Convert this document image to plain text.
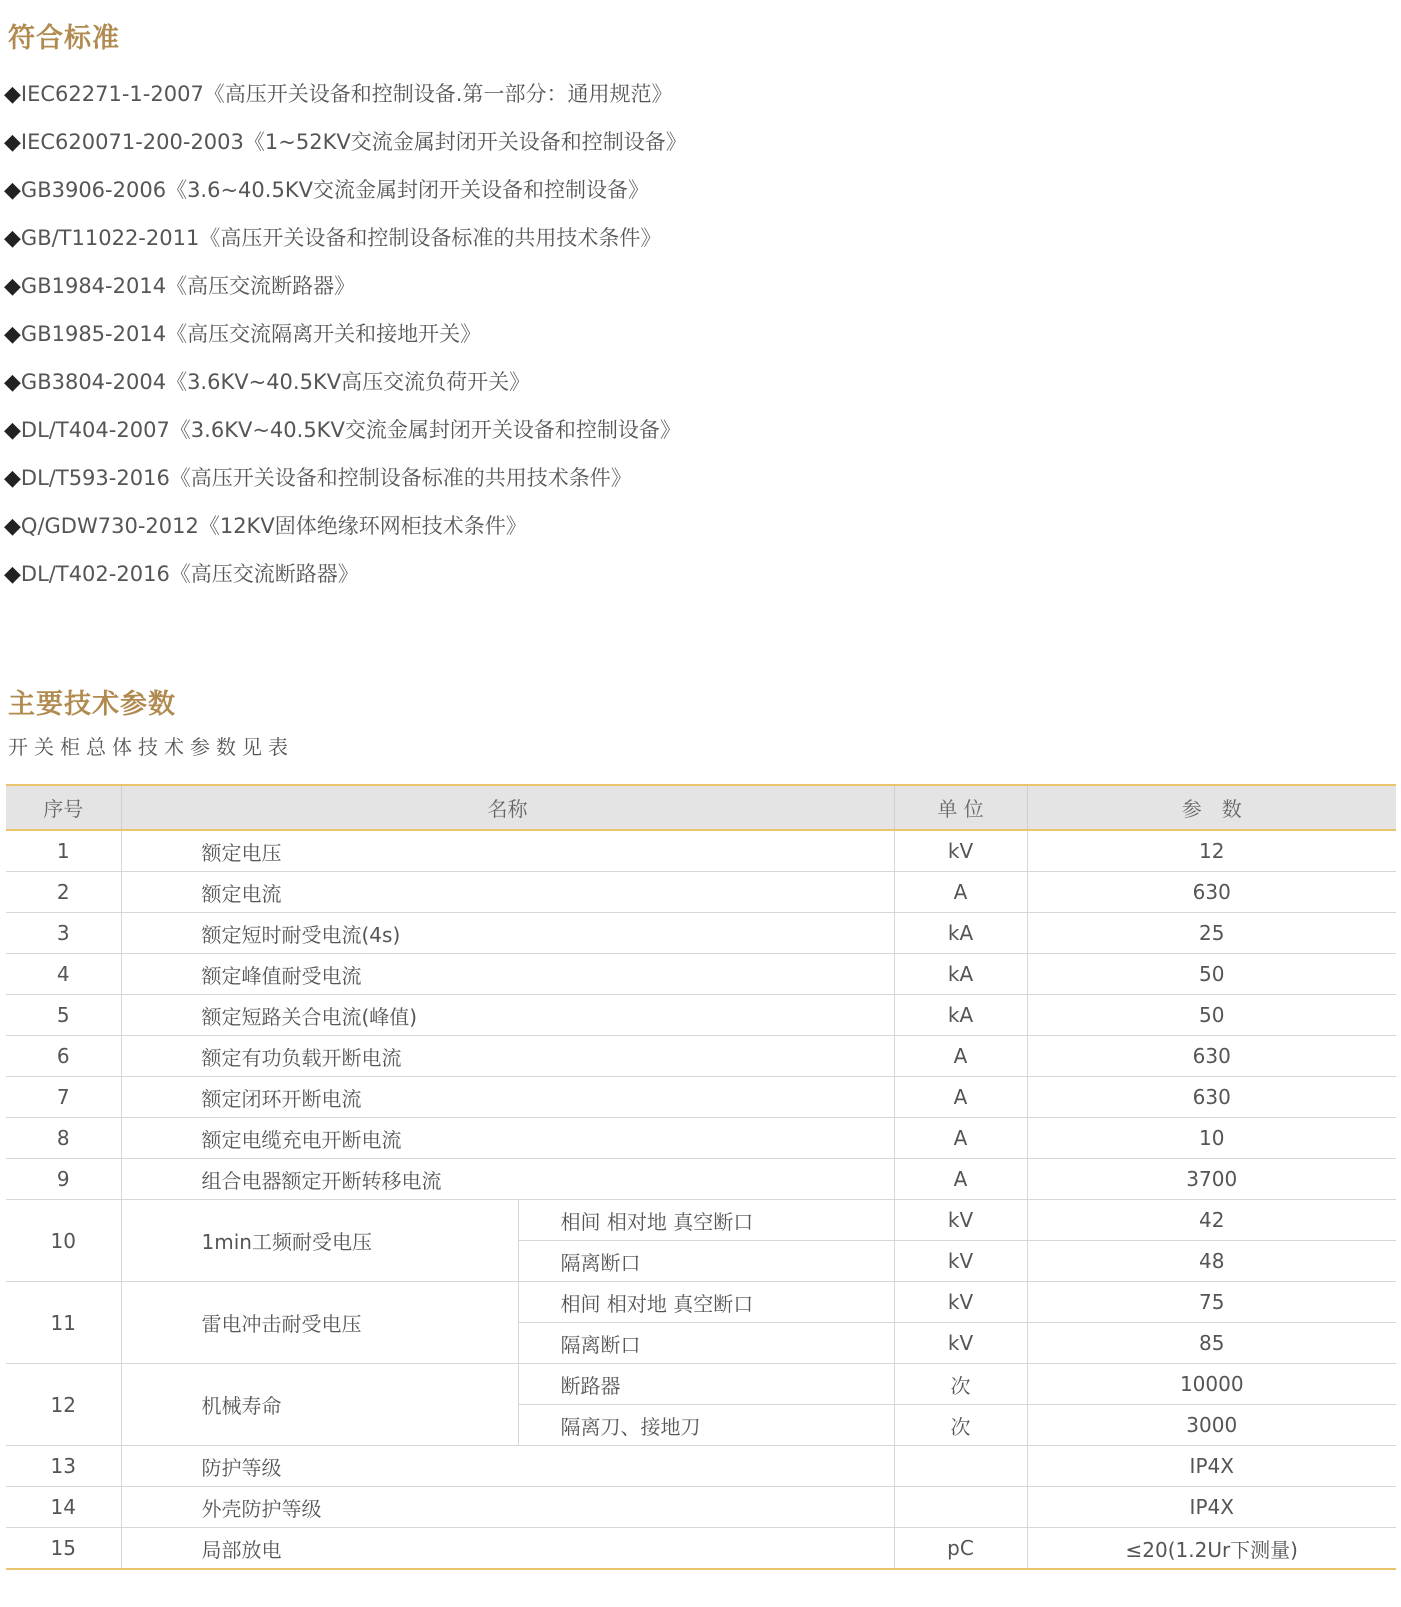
符合标准
◆IEC62271-1-2007《高压开关设备和控制设备.第一部分：通用规范》
◆IEC620071-200-2003《1~52KV交流金属封闭开关设备和控制设备》
◆GB3906-2006《3.6~40.5KV交流金属封闭开关设备和控制设备》
◆GB/T11022-2011《高压开关设备和控制设备标准的共用技术条件》
◆GB1984-2014《高压交流断路器》
◆GB1985-2014《高压交流隔离开关和接地开关》
◆GB3804-2004《3.6KV~40.5KV高压交流负荷开关》
◆DL/T404-2007《3.6KV~40.5KV交流金属封闭开关设备和控制设备》
◆DL/T593-2016《高压开关设备和控制设备标准的共用技术条件》
◆Q/GDW730-2012《12KV固体绝缘环网柜技术条件》
◆DL/T402-2016《高压交流断路器》
主要技术参数
开关柜总体技术参数见表
序号	名称		单 位	参　数
1	额定电压		kV	12
2	额定电流		A	630
3	额定短时耐受电流(4s)		kA	25
4	额定峰值耐受电流		kA	50
5	额定短路关合电流(峰值)		kA	50
6	额定有功负载开断电流		A	630
7	额定闭环开断电流		A	630
8	额定电缆充电开断电流		A	10
9	组合电器额定开断转移电流		A	3700
10	1min工频耐受电压	相间 相对地 真空断口	kV	42
		隔离断口	kV	48
11	雷电冲击耐受电压	相间 相对地 真空断口	kV	75
		隔离断口	kV	85
12	机械寿命	断路器	次	10000
		隔离刀、接地刀	次	3000
13	防护等级			IP4X
14	外壳防护等级			IP4X
15	局部放电		pC	≤20(1.2Ur下测量)
